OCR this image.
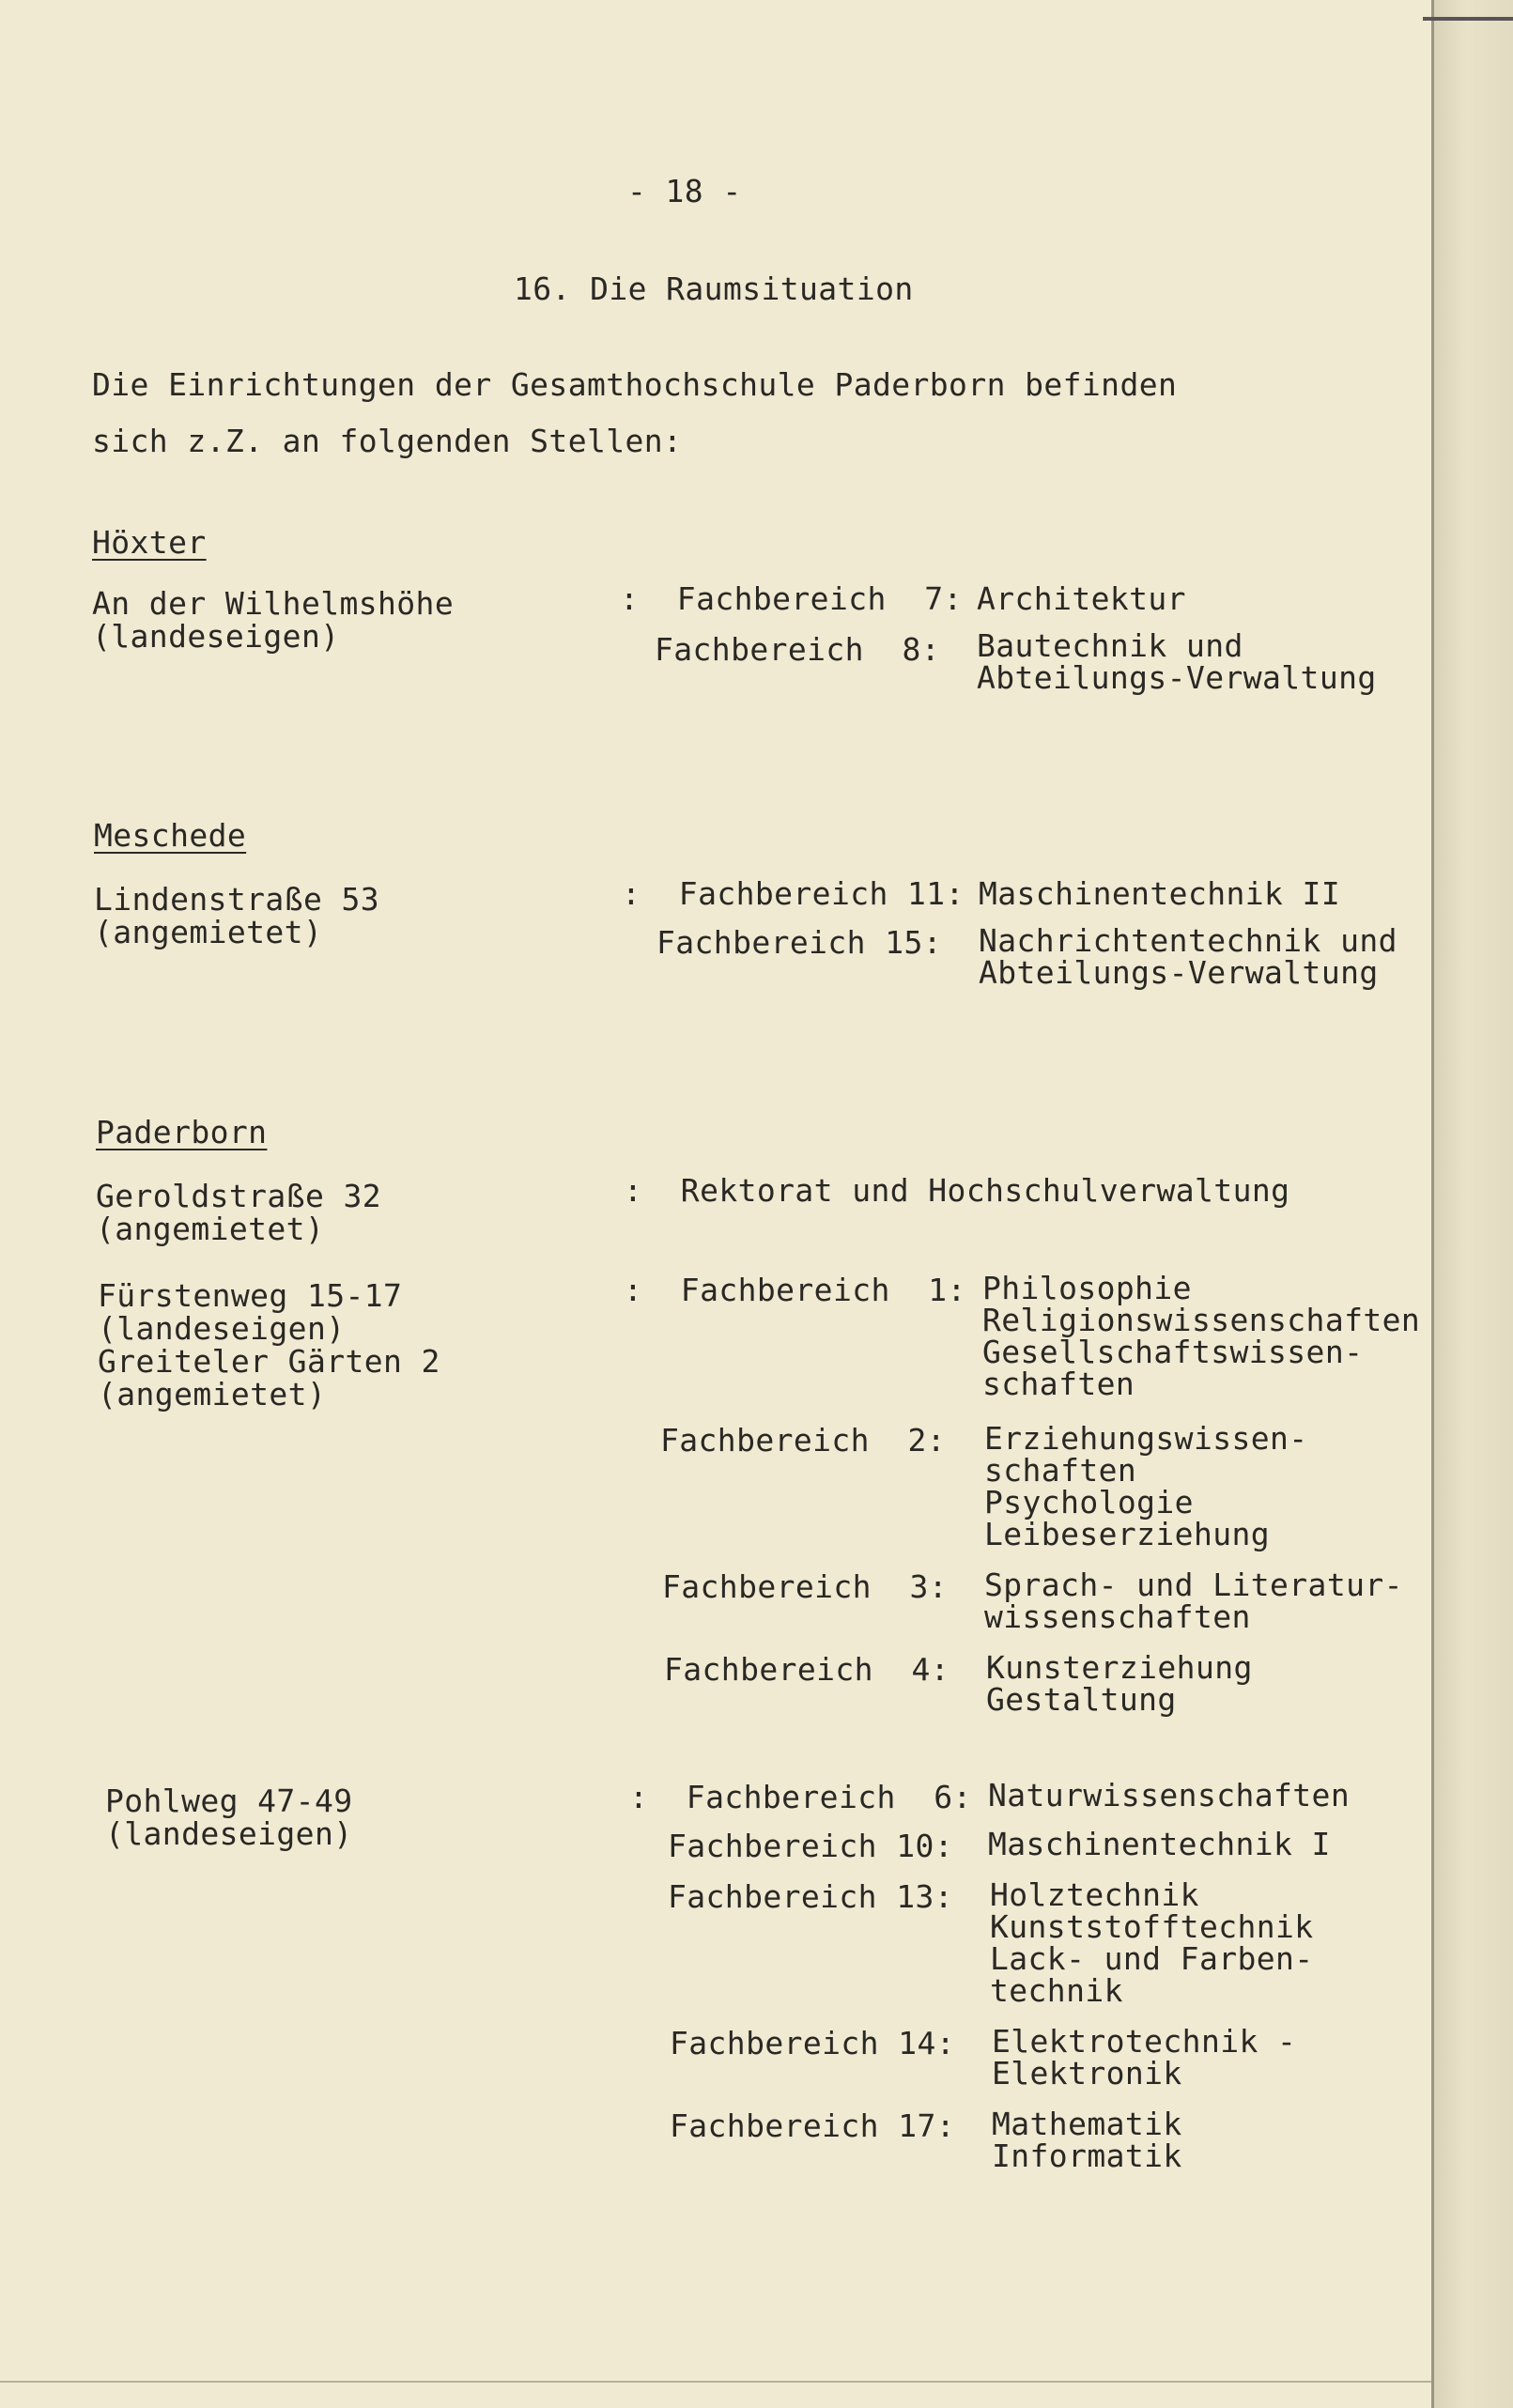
- 18 -
16. Die Raumsituation
Die Einrichtungen der Gesamthochschule Paderborn befinden
sich z.Z. an folgenden Stellen:
Höxter
An der Wilhelmshöhe
(landeseigen)
:  Fachbereich  7: Architektur
Fachbereich  8: Bautechnik und
Abteilungs-Verwaltung
Meschede
Lindenstraße 53
(angemietet)
:  Fachbereich 11: Maschinentechnik II
Fachbereich 15: Nachrichtentechnik und
Abteilungs-Verwaltung
Paderborn
Geroldstraße 32
(angemietet)
:  Rektorat und Hochschulverwaltung
Fürstenweg 15-17
(landeseigen)
Greiteler Gärten 2
(angemietet)
:  Fachbereich  1: Philosophie
Religionswissenschaften
Gesellschaftswissen-
schaften
Fachbereich  2: Erziehungswissen-
schaften
Psychologie
Leibeserziehung
Fachbereich  3: Sprach- und Literatur-
wissenschaften
Fachbereich  4: Kunsterziehung
Gestaltung
Pohlweg 47-49
(landeseigen)
:  Fachbereich  6: Naturwissenschaften
Fachbereich 10: Maschinentechnik I
Fachbereich 13: Holztechnik
Kunststofftechnik
Lack- und Farben-
technik
Fachbereich 14: Elektrotechnik -
Elektronik
Fachbereich 17: Mathematik
Informatik
